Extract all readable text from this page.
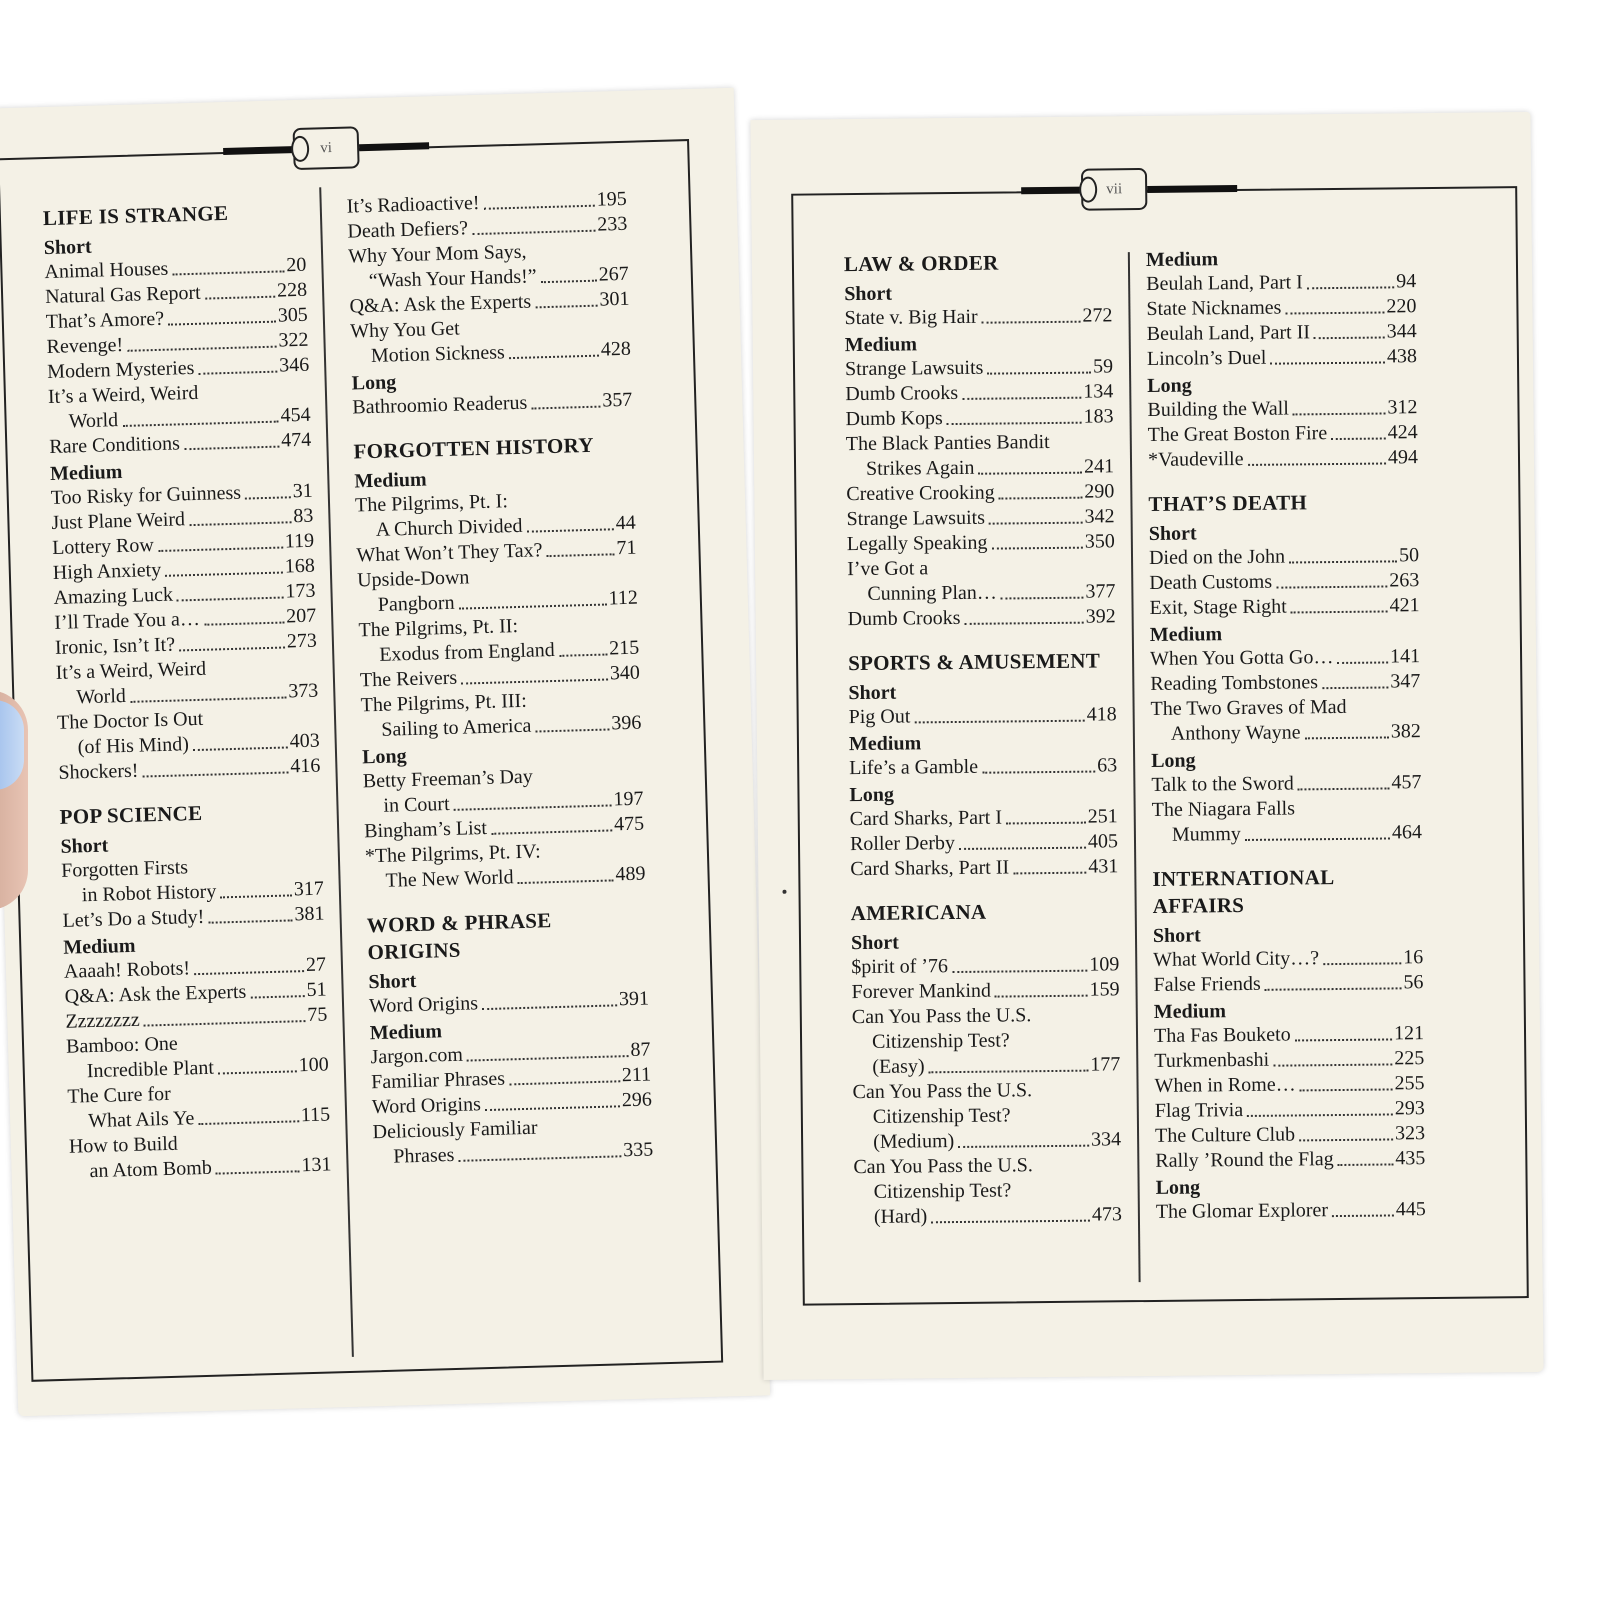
vi
LIFE IS STRANGE
Short
Animal Houses	20
Natural Gas Report	228
That’s Amore?	305
Revenge!	322
Modern Mysteries	346
It’s a Weird, Weird
World	454
Rare Conditions	474
Medium
Too Risky for Guinness	31
Just Plane Weird	83
Lottery Row	119
High Anxiety	168
Amazing Luck	173
I’ll Trade You a…	207
Ironic, Isn’t It?	273
It’s a Weird, Weird
World	373
The Doctor Is Out
(of His Mind)	403
Shockers!	416
POP SCIENCE
Short
Forgotten Firsts
in Robot History	317
Let’s Do a Study!	381
Medium
Aaaah! Robots!	27
Q&A: Ask the Experts	51
Zzzzzzzz	75
Bamboo: One
Incredible Plant	100
The Cure for
What Ails Ye	115
How to Build
an Atom Bomb	131
It’s Radioactive!	195
Death Defiers?	233
Why Your Mom Says,
“Wash Your Hands!”	267
Q&A: Ask the Experts	301
Why You Get
Motion Sickness	428
Long
Bathroomio Readerus	357
FORGOTTEN HISTORY
Medium
The Pilgrims, Pt. I:
A Church Divided	44
What Won’t They Tax?	71
Upside-Down
Pangborn	112
The Pilgrims, Pt. II:
Exodus from England	215
The Reivers	340
The Pilgrims, Pt. III:
Sailing to America	396
Long
Betty Freeman’s Day
in Court	197
Bingham’s List	475
*The Pilgrims, Pt. IV:
The New World	489
WORD & PHRASE ORIGINS
Short
Word Origins	391
Medium
Jargon.com	87
Familiar Phrases	211
Word Origins	296
Deliciously Familiar
Phrases	335
vii
LAW & ORDER
Short
State v. Big Hair	272
Medium
Strange Lawsuits	59
Dumb Crooks	134
Dumb Kops	183
The Black Panties Bandit
Strikes Again	241
Creative Crooking	290
Strange Lawsuits	342
Legally Speaking	350
I’ve Got a
Cunning Plan…	377
Dumb Crooks	392
SPORTS & AMUSEMENT
Short
Pig Out	418
Medium
Life’s a Gamble	63
Long
Card Sharks, Part I	251
Roller Derby	405
Card Sharks, Part II	431
AMERICANA
Short
$pirit of ’76	109
Forever Mankind	159
Can You Pass the U.S.
Citizenship Test?
(Easy)	177
Can You Pass the U.S.
Citizenship Test?
(Medium)	334
Can You Pass the U.S.
Citizenship Test?
(Hard)	473
Medium
Beulah Land, Part I	94
State Nicknames	220
Beulah Land, Part II	344
Lincoln’s Duel	438
Long
Building the Wall	312
The Great Boston Fire	424
*Vaudeville	494
THAT’S DEATH
Short
Died on the John	50
Death Customs	263
Exit, Stage Right	421
Medium
When You Gotta Go…	141
Reading Tombstones	347
The Two Graves of Mad
Anthony Wayne	382
Long
Talk to the Sword	457
The Niagara Falls
Mummy	464
INTERNATIONAL AFFAIRS
Short
What World City…?	16
False Friends	56
Medium
Tha Fas Bouketo	121
Turkmenbashi	225
When in Rome…	255
Flag Trivia	293
The Culture Club	323
Rally ’Round the Flag	435
Long
The Glomar Explorer	445
